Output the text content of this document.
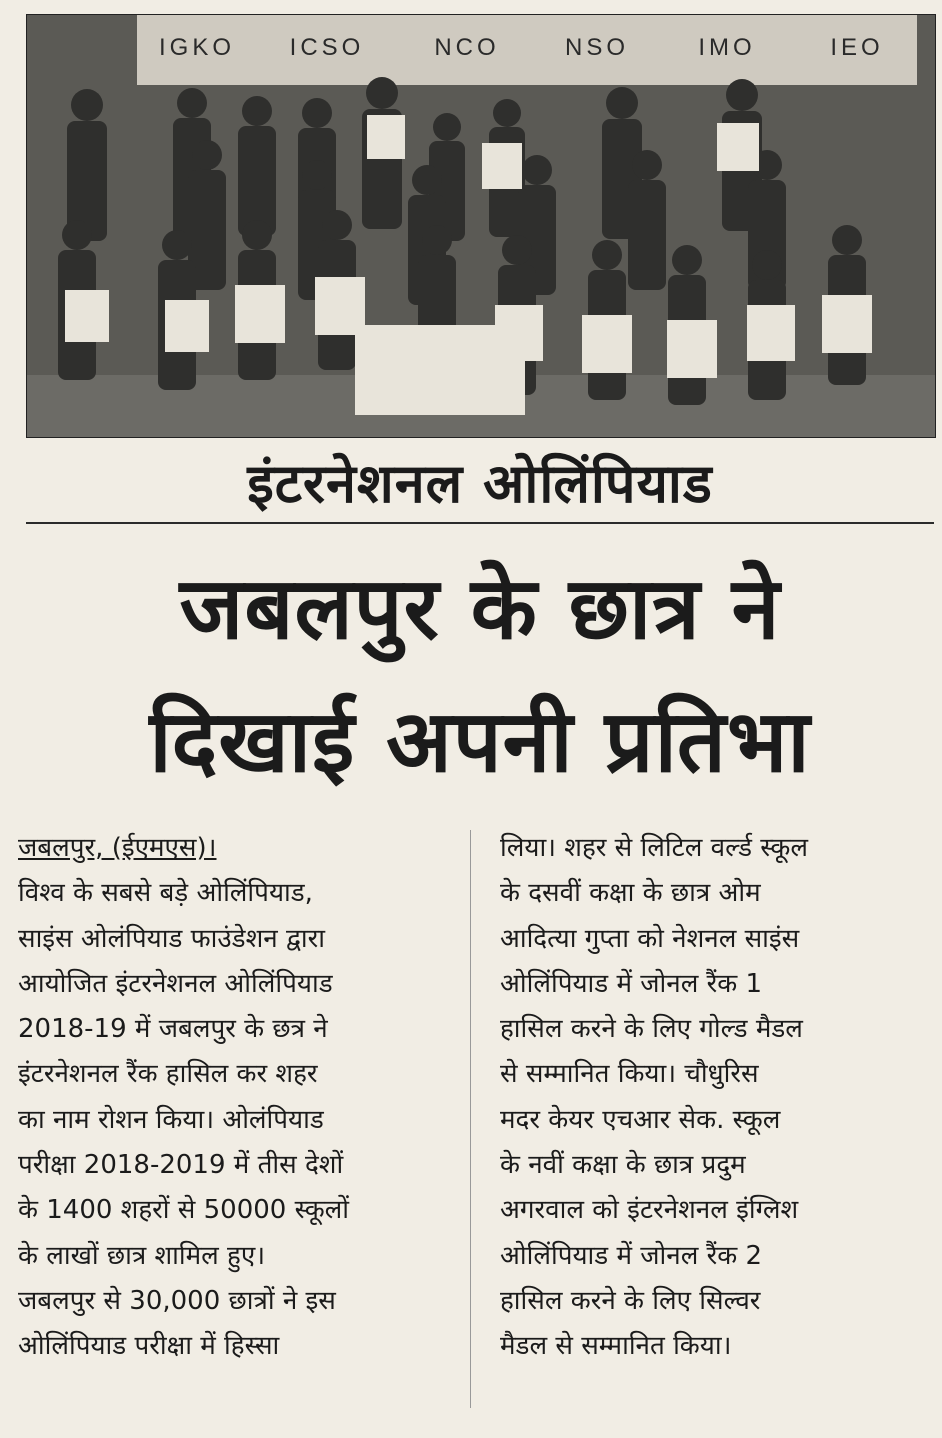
IGKO ICSO	NCO	NSO	IMO	IEO
इंटरनेशनल ओलिंपियाड
जबलपुर के छात्र ने
दिखाई अपनी प्रतिभा
जबलपुर, (ईएमएस)।
विश्व के सबसे बड़े ओलिंपियाड,
साइंस ओलंपियाड फाउंडेशन द्वारा
आयोजित इंटरनेशनल ओलिंपियाड
2018-19 में जबलपुर के छत्र ने
इंटरनेशनल रैंक हासिल कर शहर
का नाम रोशन किया। ओलंपियाड
परीक्षा 2018-2019 में तीस देशों
के 1400 शहरों से 50000 स्कूलों
के लाखों छात्र शामिल हुए।
जबलपुर से 30,000 छात्रों ने इस
ओलिंपियाड परीक्षा में हिस्सा
लिया। शहर से लिटिल वर्ल्ड स्कूल
के दसवीं कक्षा के छात्र ओम
आदित्या गुप्ता को नेशनल साइंस
ओलिंपियाड में जोनल रैंक 1
हासिल करने के लिए गोल्ड मैडल
से सम्मानित किया। चौधुरिस
मदर केयर एचआर सेक. स्कूल
के नवीं कक्षा के छात्र प्रदुम
अगरवाल को इंटरनेशनल इंग्लिश
ओलिंपियाड में जोनल रैंक 2
हासिल करने के लिए सिल्वर
मैडल से सम्मानित किया।
